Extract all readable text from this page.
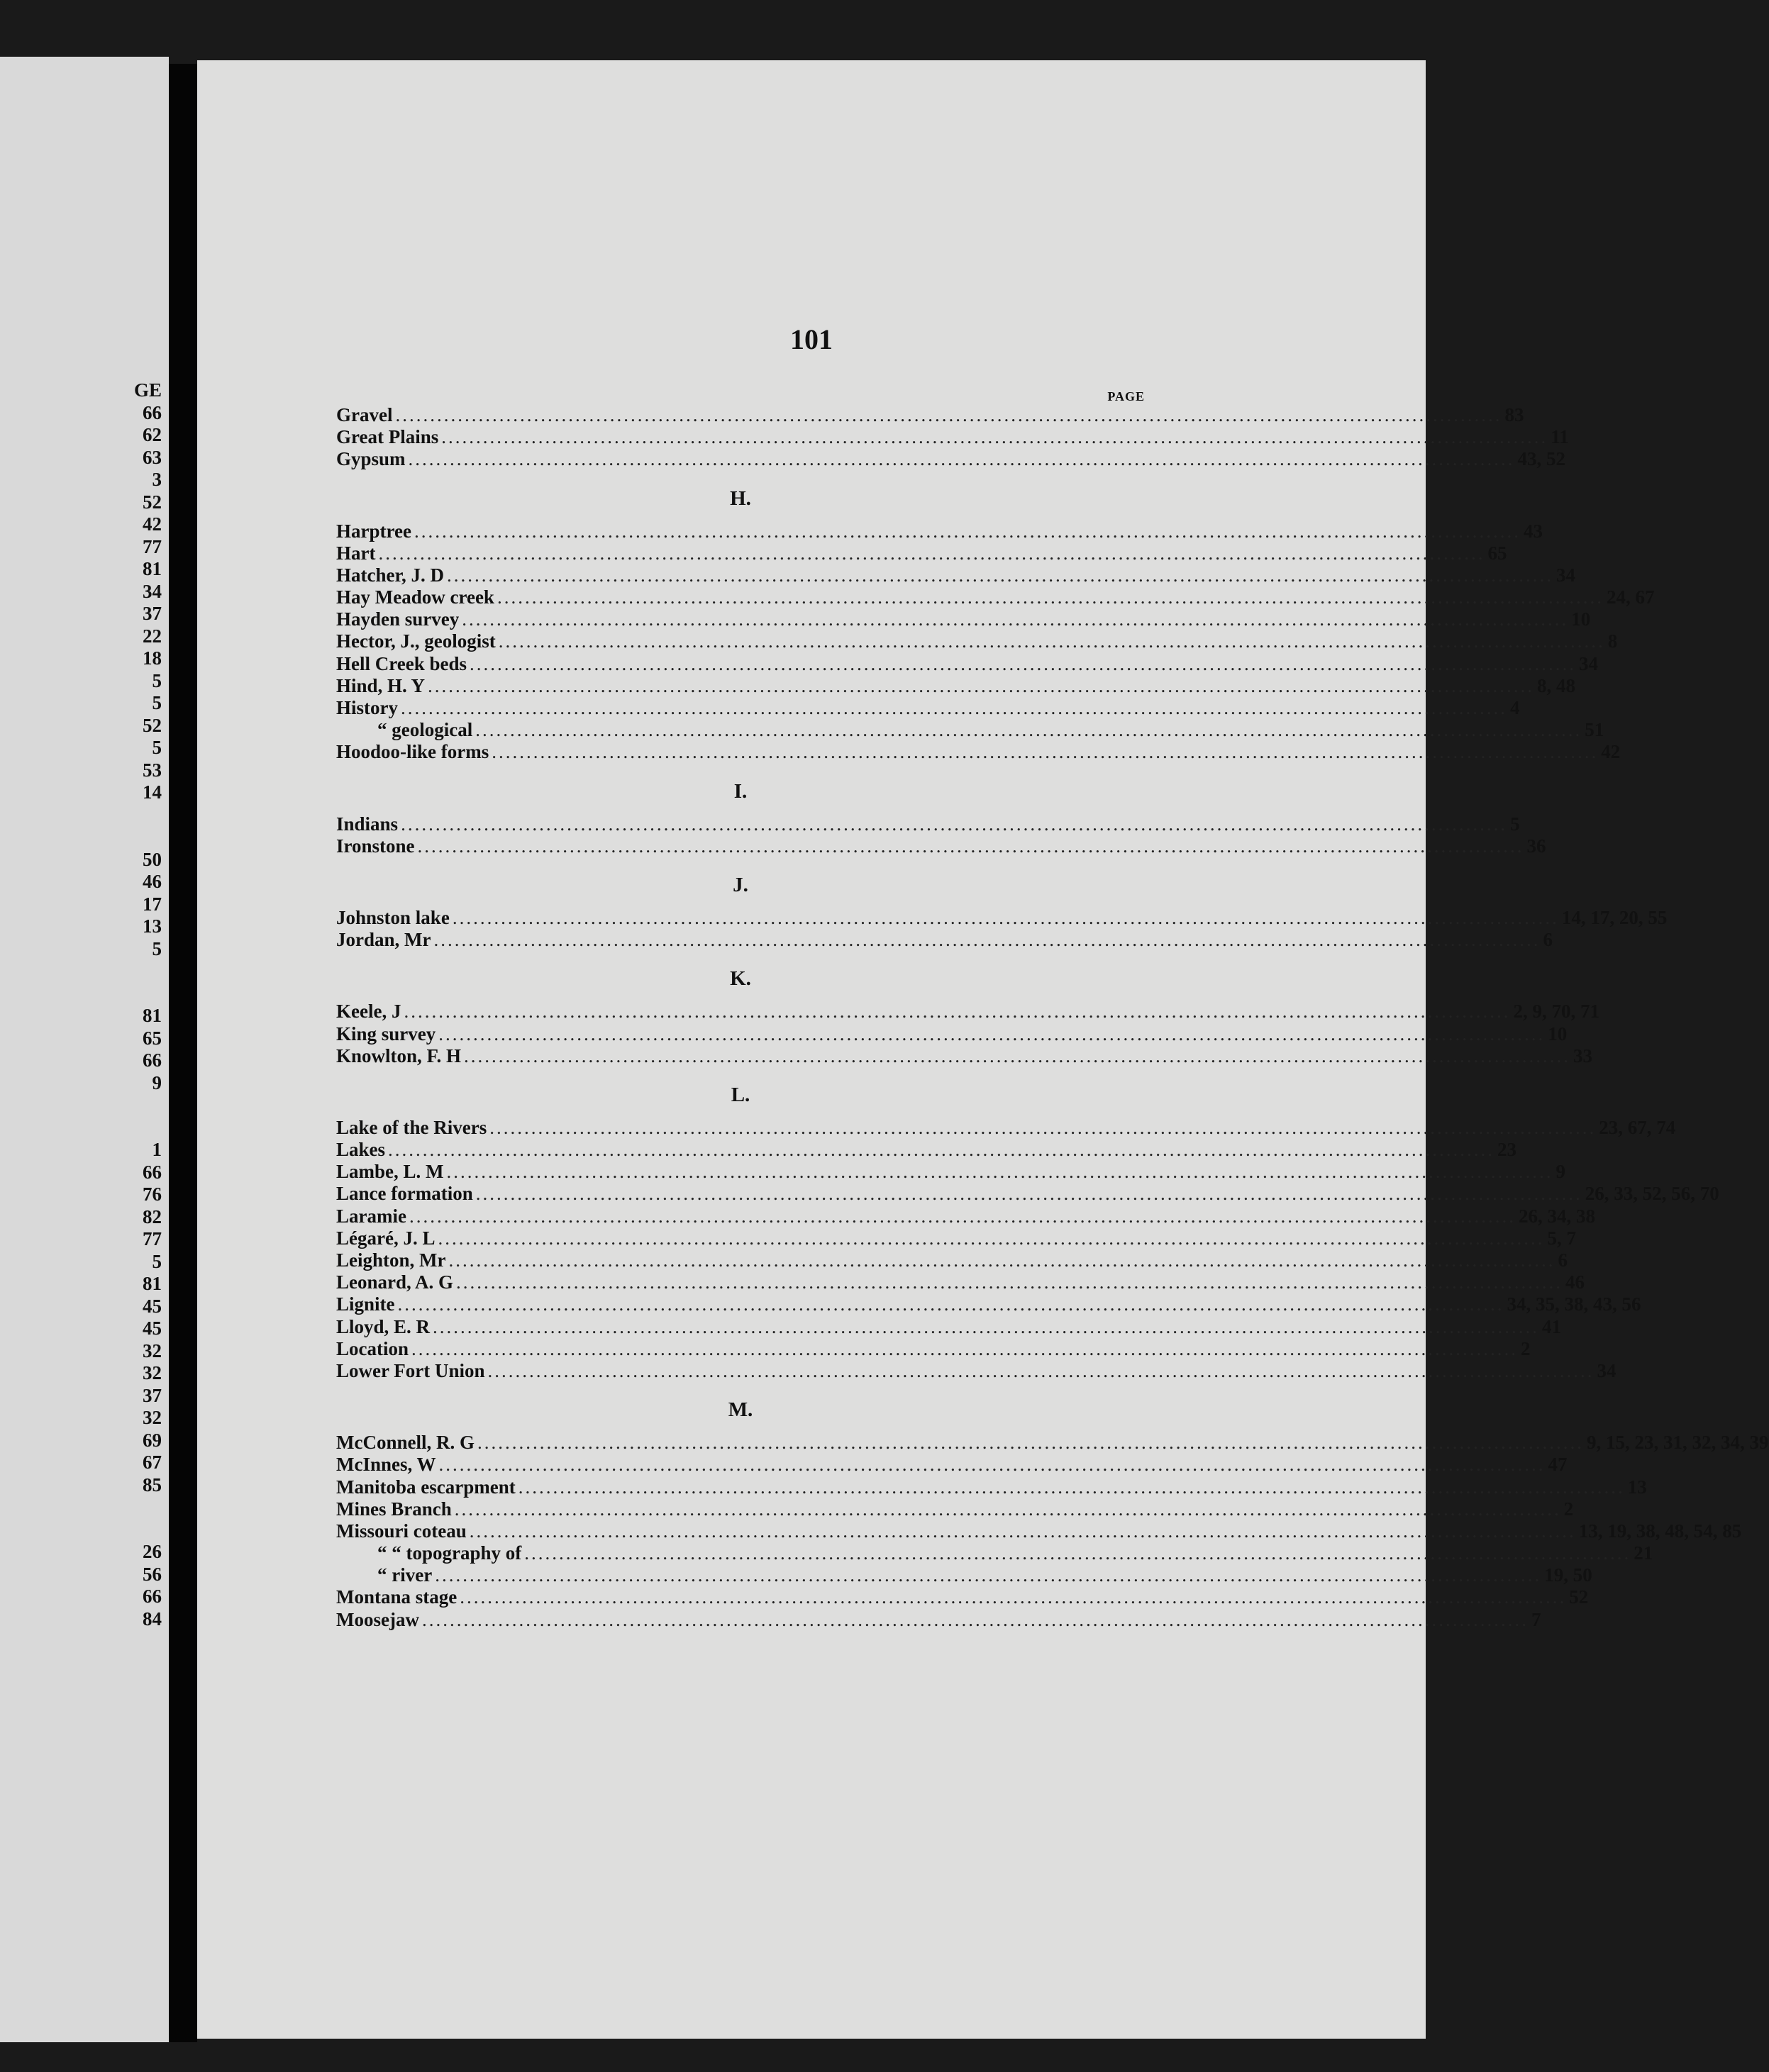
GE
66
62
63
3
52
42
77
81
34
37
22
18
5
5
52
5
53
14
50
46
17
13
5
81
65
66
9
1
66
76
82
77
5
81
45
45
32
32
37
32
69
67
85
26
56
66
84
101
PAGE
Gravel ................................................................................................................................................................ 83
Great Plains ................................................................................................................................................................ 11
Gypsum ................................................................................................................................................................ 43, 52
H.
Harptree ................................................................................................................................................................ 43
Hart ................................................................................................................................................................ 65
Hatcher, J. D ................................................................................................................................................................ 34
Hay Meadow creek ................................................................................................................................................................ 24, 67
Hayden survey ................................................................................................................................................................ 10
Hector, J., geologist ................................................................................................................................................................ 8
Hell Creek beds ................................................................................................................................................................ 34
Hind, H. Y ................................................................................................................................................................ 8, 48
History ................................................................................................................................................................ 4
“ geological ................................................................................................................................................................ 51
Hoodoo-like forms ................................................................................................................................................................ 42
I.
Indians ................................................................................................................................................................ 5
Ironstone ................................................................................................................................................................ 36
J.
Johnston lake ................................................................................................................................................................ 14, 17, 20, 55
Jordan, Mr ................................................................................................................................................................ 6
K.
Keele, J ................................................................................................................................................................ 2, 9, 70, 71
King survey ................................................................................................................................................................ 10
Knowlton, F. H ................................................................................................................................................................ 33
L.
Lake of the Rivers ................................................................................................................................................................ 23, 67, 74
Lakes ................................................................................................................................................................ 23
Lambe, L. M ................................................................................................................................................................ 9
Lance formation ................................................................................................................................................................ 26, 33, 52, 56, 70
Laramie ................................................................................................................................................................ 26, 34, 38
Légaré, J. L ................................................................................................................................................................ 5, 7
Leighton, Mr ................................................................................................................................................................ 6
Leonard, A. G ................................................................................................................................................................ 46
Lignite ................................................................................................................................................................ 34, 35, 38, 43, 56
Lloyd, E. R ................................................................................................................................................................ 41
Location ................................................................................................................................................................ 2
Lower Fort Union ................................................................................................................................................................ 34
M.
McConnell, R. G ................................................................................................................................................................ 9, 15, 23, 31, 32, 34, 39
McInnes, W ................................................................................................................................................................ 47
Manitoba escarpment ................................................................................................................................................................ 13
Mines Branch ................................................................................................................................................................ 2
Missouri coteau ................................................................................................................................................................ 13, 19, 38, 48, 54, 85
“ “ topography of ................................................................................................................................................................ 21
“ river ................................................................................................................................................................ 19, 50
Montana stage ................................................................................................................................................................ 52
Moosejaw ................................................................................................................................................................ 7
